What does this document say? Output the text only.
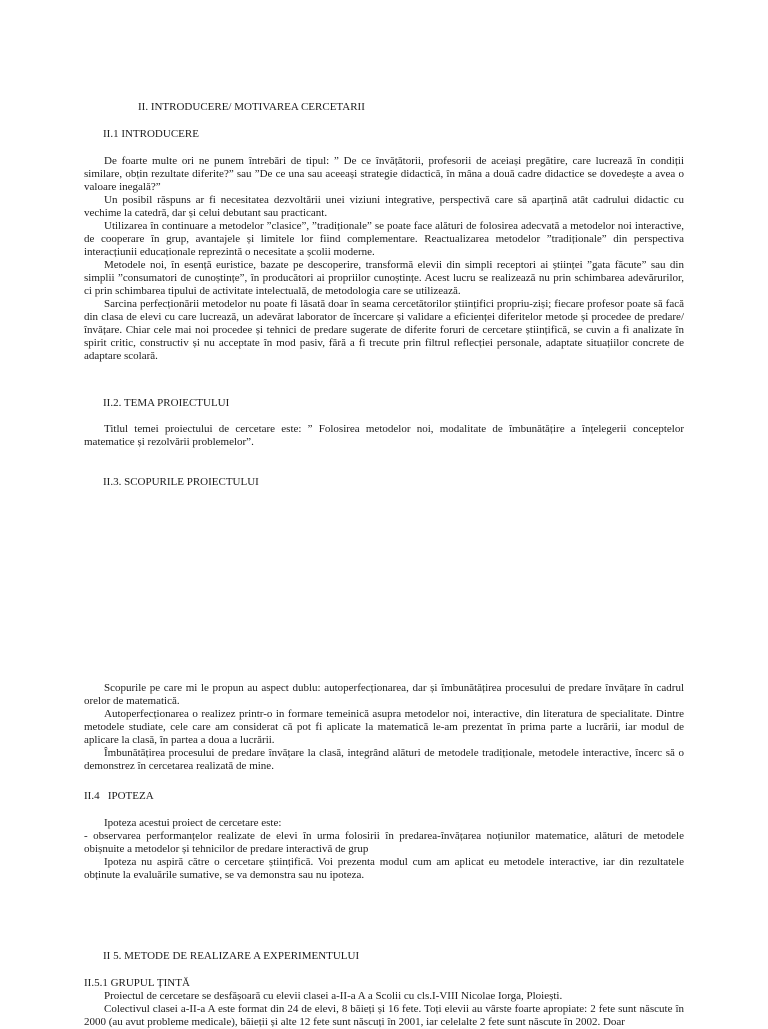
II. INTRODUCERE/ MOTIVAREA CERCETARII
II.1 INTRODUCERE

De foarte multe ori ne punem întrebări de tipul: ” De ce învățătorii, profesorii de aceiași pregătire, care lucrează în condiții similare, obțin rezultate diferite?” sau ”De ce una sau aceeași strategie didactică, în mâna a două cadre didactice se dovedește a avea o valoare inegală?”

Un posibil răspuns ar fi necesitatea dezvoltării unei viziuni integrative, perspectivă care să aparțină atât cadrului didactic cu vechime la catedră, dar și celui debutant sau practicant.

Utilizarea în continuare a metodelor ”clasice”, ”tradiționale” se poate face alături de folosirea adecvată a metodelor noi interactive, de cooperare în grup, avantajele și limitele lor fiind complementare. Reactualizarea metodelor ”tradiționale” din perspectiva interacțiunii educaționale reprezintă o necesitate a școlii moderne.

Metodele noi, în esență euristice, bazate pe descoperire, transformă elevii din simpli receptori ai științei ”gata făcute” sau din simplii ”consumatori de cunoștințe”, în producători ai propriilor cunoștințe. Acest lucru se realizează nu prin schimbarea adevărurilor, ci prin schimbarea tipului de activitate intelectuală, de metodologia care se utilizează.

Sarcina perfecționării metodelor nu poate fi lăsată doar în seama cercetătorilor științifici propriu-ziși; fiecare profesor poate să facă din clasa de elevi cu care lucrează, un adevărat laborator de încercare și validare a eficienței diferitelor metode și procedee de predare/învățare. Chiar cele mai noi procedee și tehnici de predare sugerate de diferite foruri de cercetare științifică, se cuvin a fi analizate în spirit critic, constructiv și nu acceptate în mod pasiv, fără a fi trecute prin filtrul reflecției personale, adaptate situațiilor concrete de adaptare scolară.

II.2. TEMA PROIECTULUI

Titlul temei proiectului de cercetare este: ” Folosirea metodelor noi, modalitate de îmbunătățire a înțelegerii conceptelor matematice și rezolvării problemelor”.

II.3. SCOPURILE PROIECTULUI

Scopurile pe care mi le propun au aspect dublu: autoperfecționarea, dar și îmbunătățirea procesului de predare învățare în cadrul orelor de matematică.

Autoperfecționarea o realizez printr-o in formare temeinică asupra metodelor noi, interactive, din literatura de specialitate. Dintre metodele studiate, cele care am considerat că pot fi aplicate la matematică le-am prezentat în prima parte a lucrării, iar modul de aplicare la clasă, în partea a doua a lucrării.

Îmbunătățirea procesului de predare învățare la clasă, integrând alături de metodele tradiționale, metodele interactive, încerc să o demonstrez în cercetarea realizată de mine.

II.4   IPOTEZA

Ipoteza acestui proiect de cercetare este:

- observarea performanțelor realizate de elevi în urma folosirii în predarea-învățarea noțiunilor matematice, alături de metodele obișnuite a metodelor și tehnicilor de predare interactivă de grup

Ipoteza nu aspiră către o cercetare științifică. Voi prezenta modul cum am aplicat eu metodele interactive, iar din rezultatele obținute la evaluările sumative, se va demonstra sau nu ipoteza.

II 5. METODE DE REALIZARE A EXPERIMENTULUI
II.5.1 GRUPUL ȚINTĂ

Proiectul de cercetare se desfășoară cu elevii clasei a-II-a A a Scolii cu cls.I-VIII Nicolae Iorga, Ploiești.

Colectivul clasei a-II-a A este format din 24 de elevi, 8 băieți și 16 fete. Toți elevii au vârste foarte apropiate: 2 fete sunt născute în 2000 (au avut probleme medicale), băieții și alte 12 fete sunt născuți în 2001, iar celelalte 2 fete sunt născute în 2002. Doar
